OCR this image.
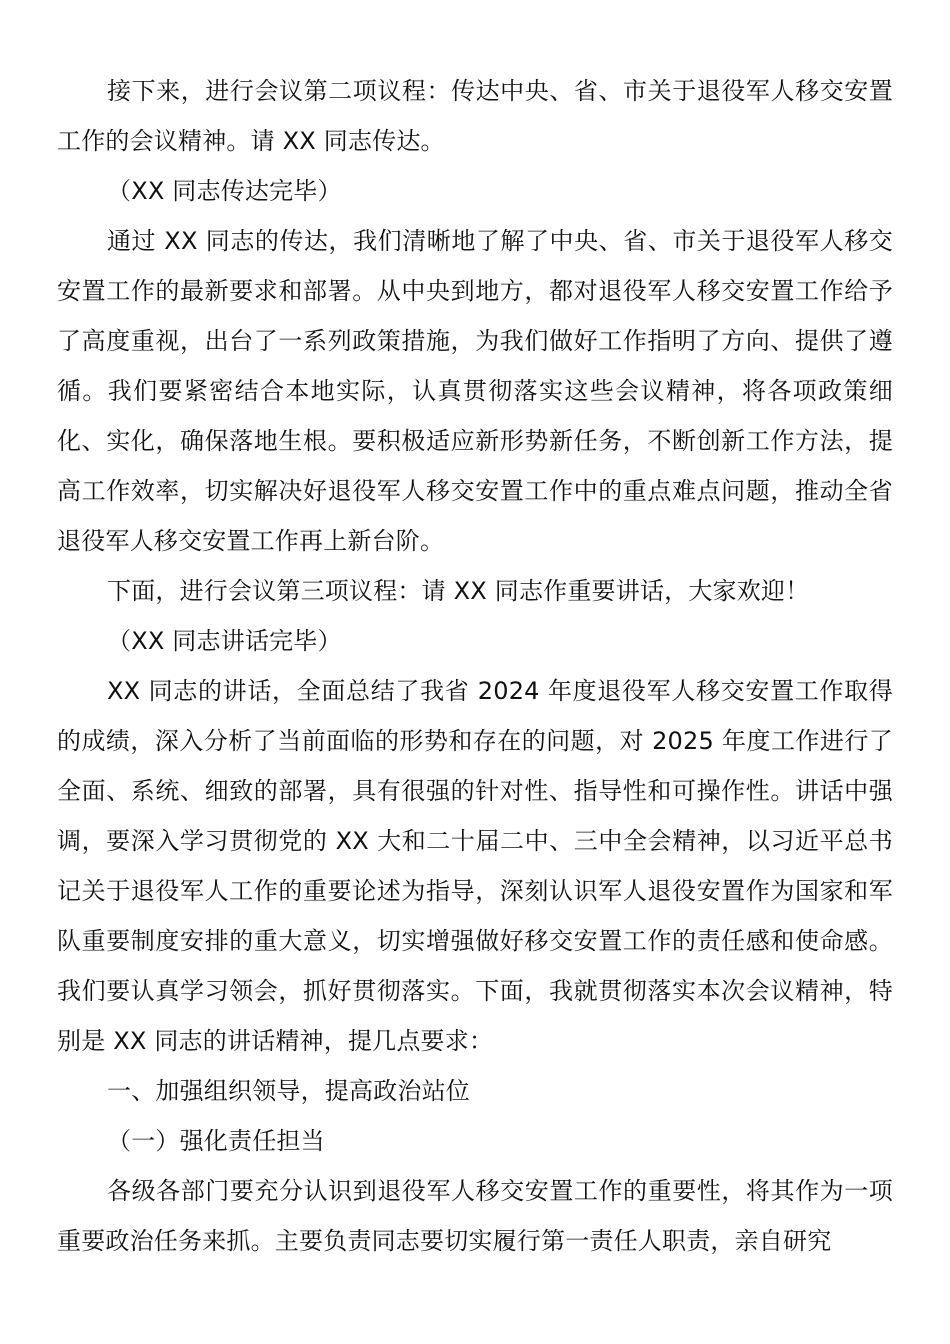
接下来，进行会议第二项议程：传达中央、省、市关于退役军人移交安置工作的会议精神。请 XX 同志传达。

（XX 同志传达完毕）

通过 XX 同志的传达，我们清晰地了解了中央、省、市关于退役军人移交安置工作的最新要求和部署。从中央到地方，都对退役军人移交安置工作给予了高度重视，出台了一系列政策措施，为我们做好工作指明了方向、提供了遵循。我们要紧密结合本地实际，认真贯彻落实这些会议精神，将各项政策细化、实化，确保落地生根。要积极适应新形势新任务，不断创新工作方法，提高工作效率，切实解决好退役军人移交安置工作中的重点难点问题，推动全省退役军人移交安置工作再上新台阶。

下面，进行会议第三项议程：请 XX 同志作重要讲话，大家欢迎！

（XX 同志讲话完毕）

XX 同志的讲话，全面总结了我省 2024 年度退役军人移交安置工作取得的成绩，深入分析了当前面临的形势和存在的问题，对 2025 年度工作进行了全面、系统、细致的部署，具有很强的针对性、指导性和可操作性。讲话中强调，要深入学习贯彻党的 XX 大和二十届二中、三中全会精神，以习近平总书记关于退役军人工作的重要论述为指导，深刻认识军人退役安置作为国家和军队重要制度安排的重大意义，切实增强做好移交安置工作的责任感和使命感。我们要认真学习领会，抓好贯彻落实。下面，我就贯彻落实本次会议精神，特别是 XX 同志的讲话精神，提几点要求：

一、加强组织领导，提高政治站位

（一）强化责任担当

各级各部门要充分认识到退役军人移交安置工作的重要性，将其作为一项重要政治任务来抓。主要负责同志要切实履行第一责任人职责，亲自研究
